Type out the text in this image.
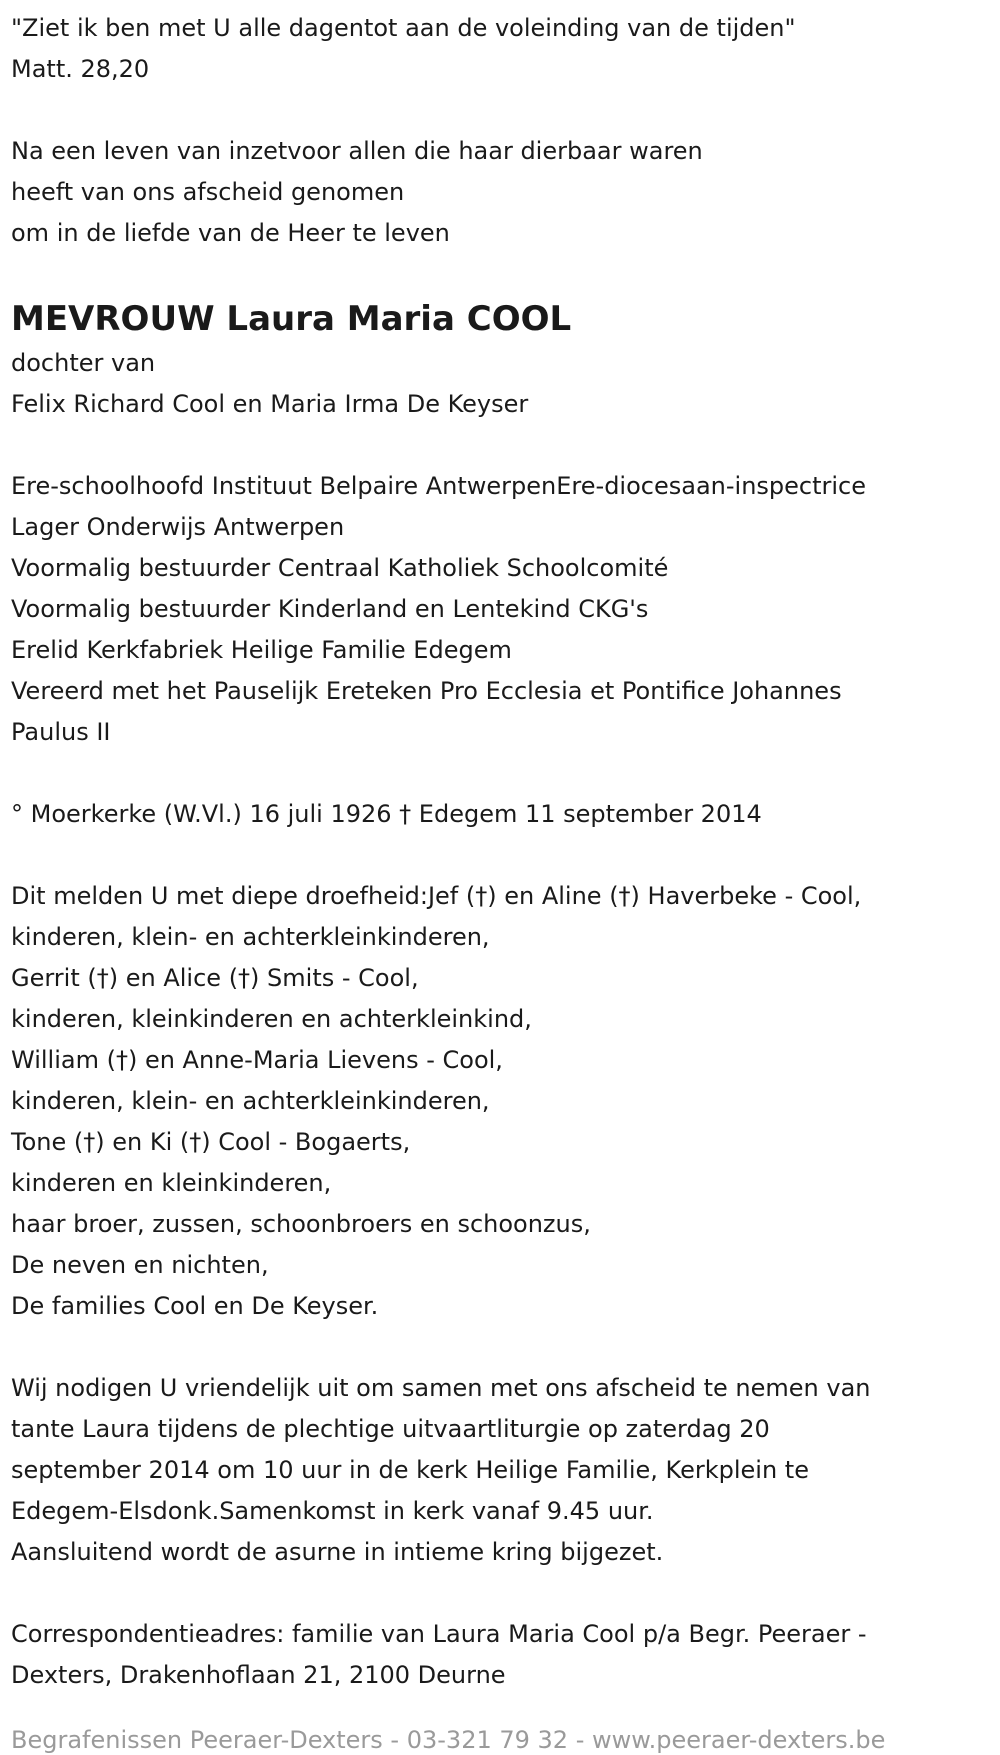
"Ziet ik ben met U alle dagentot aan de voleinding van de tijden"
Matt. 28,20
Na een leven van inzetvoor allen die haar dierbaar waren
heeft van ons afscheid genomen
om in de liefde van de Heer te leven
MEVROUW Laura Maria COOL
dochter van
Felix Richard Cool en Maria Irma De Keyser
Ere-schoolhoofd Instituut Belpaire AntwerpenEre-diocesaan-inspectrice
Lager Onderwijs Antwerpen
Voormalig bestuurder Centraal Katholiek Schoolcomité
Voormalig bestuurder Kinderland en Lentekind CKG's
Erelid Kerkfabriek Heilige Familie Edegem
Vereerd met het Pauselijk Ereteken Pro Ecclesia et Pontifice Johannes
Paulus II
° Moerkerke (W.Vl.) 16 juli 1926 † Edegem 11 september 2014
Dit melden U met diepe droefheid:Jef (†) en Aline (†) Haverbeke - Cool,
kinderen, klein- en achterkleinkinderen,
Gerrit (†) en Alice (†) Smits - Cool,
kinderen, kleinkinderen en achterkleinkind,
William (†) en Anne-Maria Lievens - Cool,
kinderen, klein- en achterkleinkinderen,
Tone (†) en Ki (†) Cool - Bogaerts,
kinderen en kleinkinderen,
haar broer, zussen, schoonbroers en schoonzus,
De neven en nichten,
De families Cool en De Keyser.
Wij nodigen U vriendelijk uit om samen met ons afscheid te nemen van
tante Laura tijdens de plechtige uitvaartliturgie op zaterdag 20
september 2014 om 10 uur in de kerk Heilige Familie, Kerkplein te
Edegem-Elsdonk.Samenkomst in kerk vanaf 9.45 uur.
Aansluitend wordt de asurne in intieme kring bijgezet.
Correspondentieadres: familie van Laura Maria Cool p/a Begr. Peeraer -
Dexters, Drakenhoflaan 21, 2100 Deurne
Begrafenissen Peeraer-Dexters - 03-321 79 32 - www.peeraer-dexters.be
